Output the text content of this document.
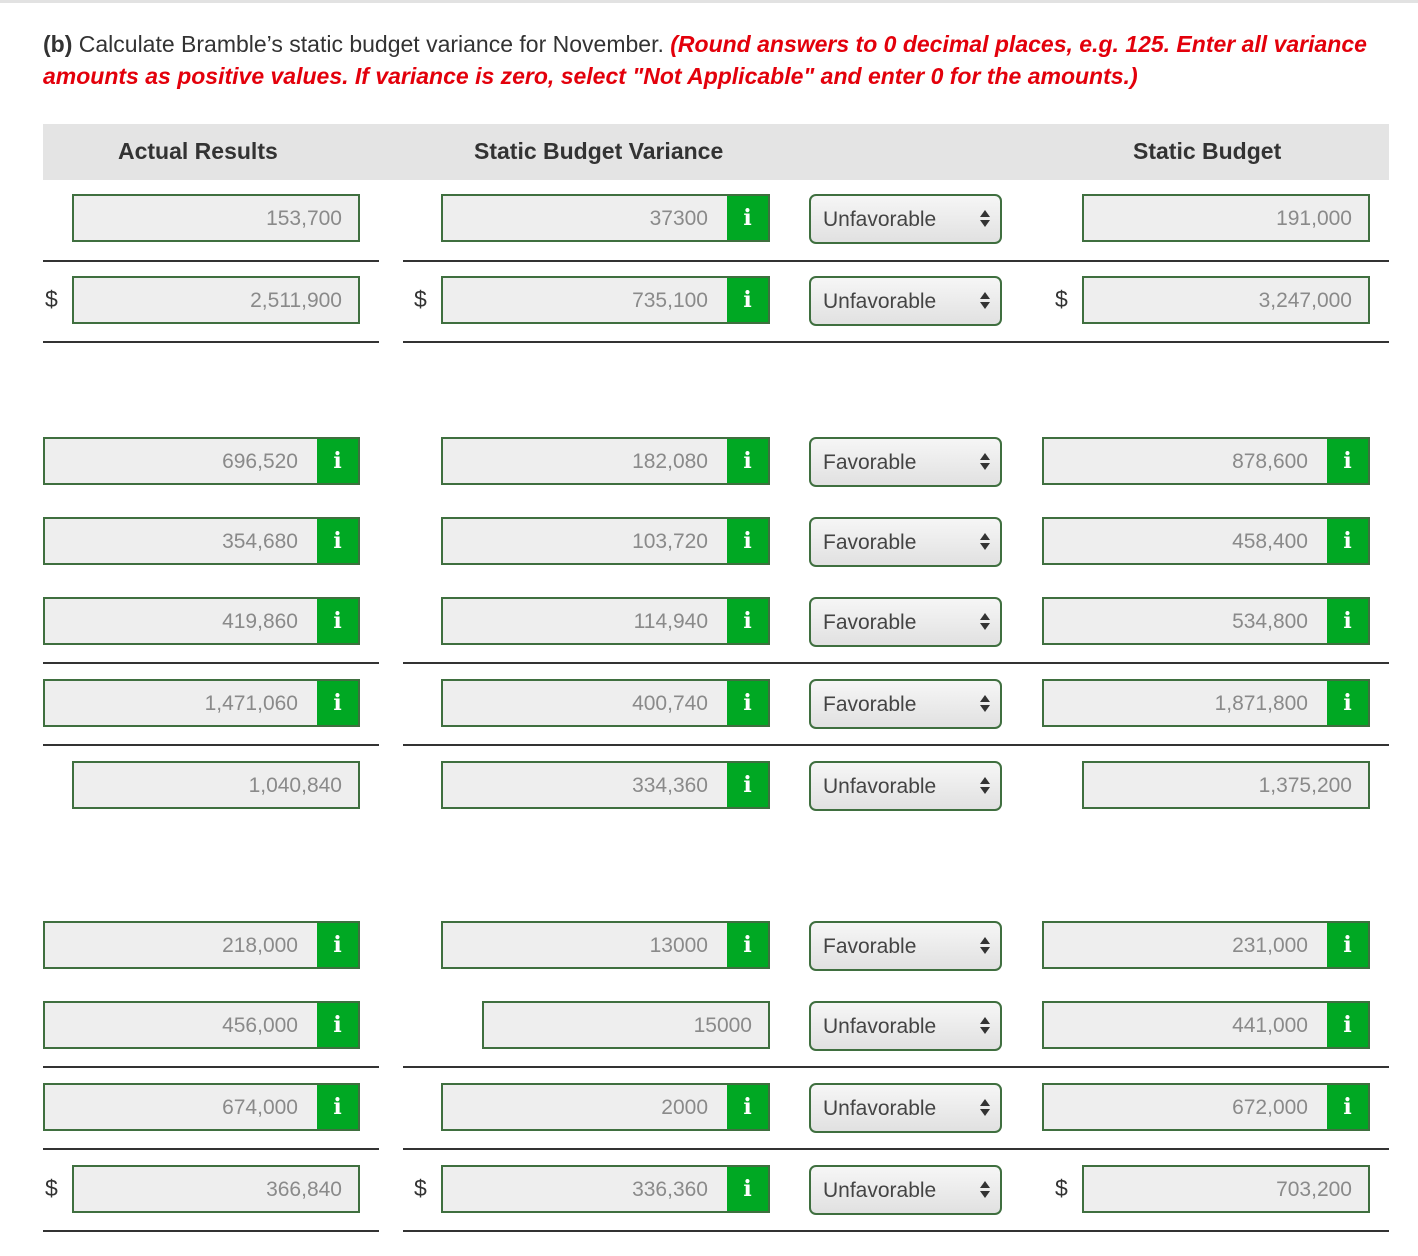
(b) Calculate Bramble’s static budget variance for November. (Round answers to 0 decimal places, e.g. 125. Enter all variance amounts as positive values. If variance is zero, select "Not Applicable" and enter 0 for the amounts.)
Actual Results	Static Budget Variance	Static Budget
153,700	37300	i	Unfavorable	191,000
$	2,511,900	$	735,100	i	Unfavorable	$	3,247,000
696,520	i	182,080	i	Favorable	878,600	i
354,680	i	103,720	i	Favorable	458,400	i
419,860	i	114,940	i	Favorable	534,800	i
1,471,060	i	400,740	i	Favorable	1,871,800	i
1,040,840	334,360	i	Unfavorable	1,375,200
218,000	i	13000	i	Favorable	231,000	i
456,000	i	15000	Unfavorable	441,000	i
674,000	i	2000	i	Unfavorable	672,000	i
$	366,840	$	336,360	i	Unfavorable	$	703,200
